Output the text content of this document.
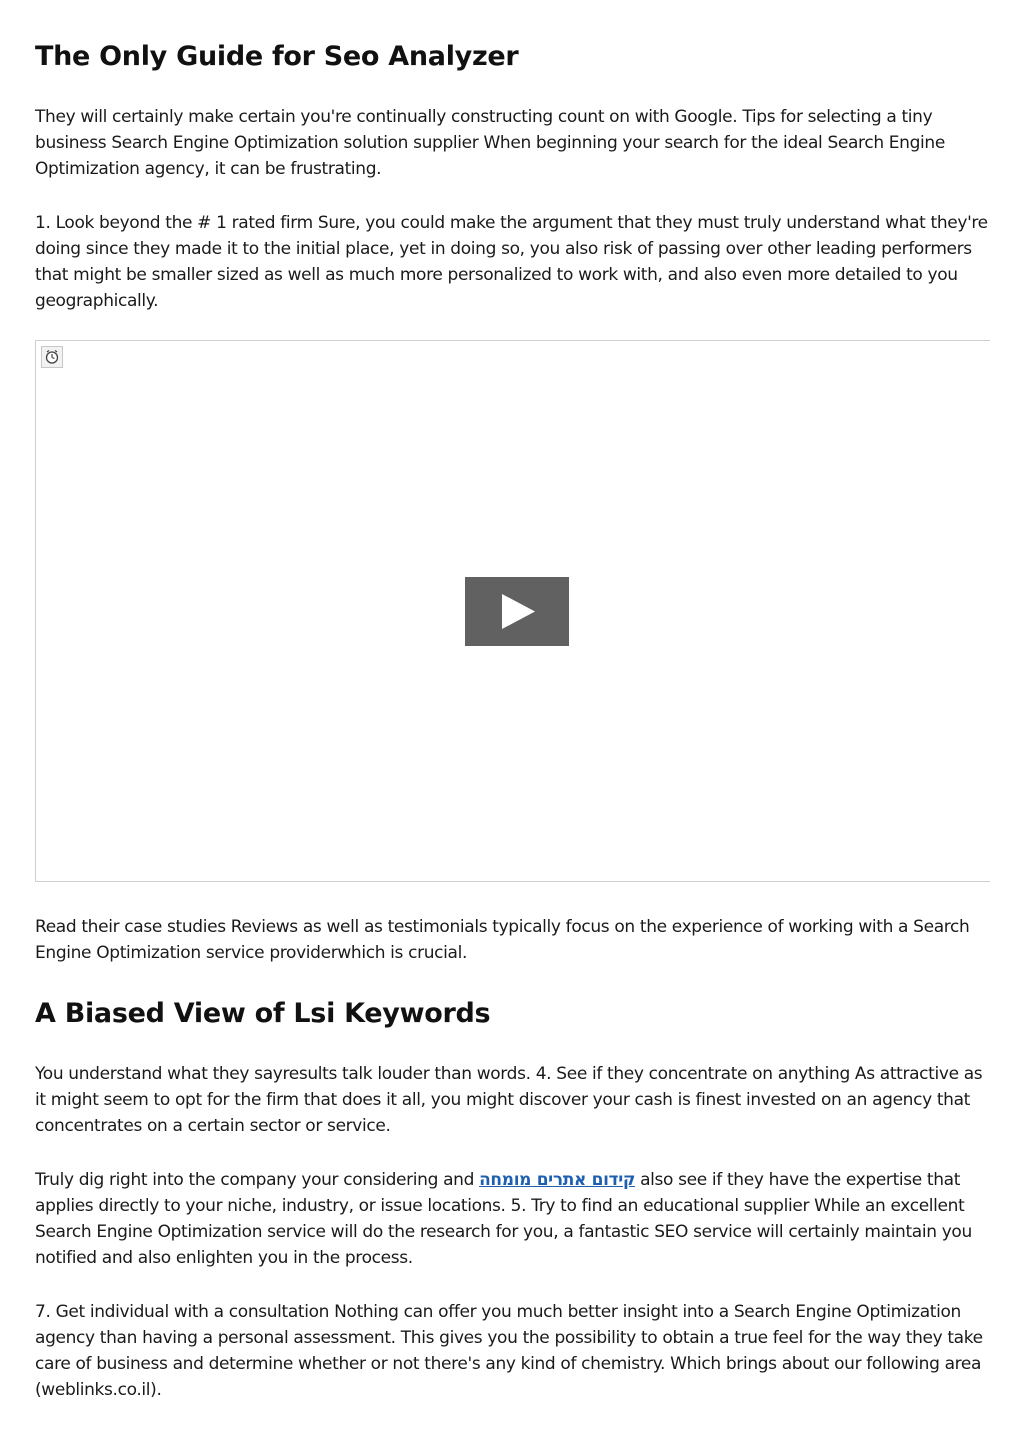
The Only Guide for Seo Analyzer

They will certainly make certain you're continually constructing count on with Google. Tips for selecting a tiny business Search Engine Optimization solution supplier When beginning your search for the ideal Search Engine Optimization agency, it can be frustrating.

1. Look beyond the # 1 rated firm Sure, you could make the argument that they must truly understand what they're doing since they made it to the initial place, yet in doing so, you also risk of passing over other leading performers that might be smaller sized as well as much more personalized to work with, and also even more detailed to you geographically.

Read their case studies Reviews as well as testimonials typically focus on the experience of working with a Search Engine Optimization service providerwhich is crucial.

A Biased View of Lsi Keywords

You understand what they sayresults talk louder than words. 4. See if they concentrate on anything As attractive as it might seem to opt for the firm that does it all, you might discover your cash is finest invested on an agency that concentrates on a certain sector or service.

Truly dig right into the company your considering and קידום אתרים מומחה also see if they have the expertise that applies directly to your niche, industry, or issue locations. 5. Try to find an educational supplier While an excellent Search Engine Optimization service will do the research for you, a fantastic SEO service will certainly maintain you notified and also enlighten you in the process.

7. Get individual with a consultation Nothing can offer you much better insight into a Search Engine Optimization agency than having a personal assessment. This gives you the possibility to obtain a true feel for the way they take care of business and determine whether or not there's any kind of chemistry. Which brings about our following area (weblinks.co.il).
